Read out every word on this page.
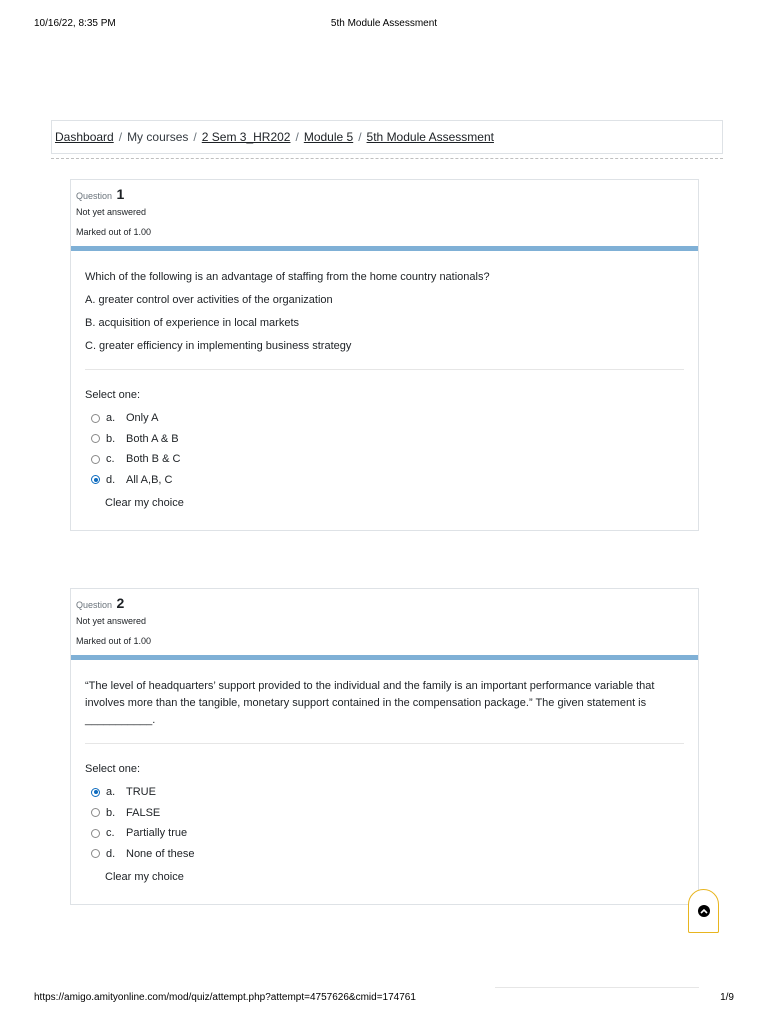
10/16/22, 8:35 PM	5th Module Assessment
Dashboard / My courses / 2 Sem 3_HR202 / Module 5 / 5th Module Assessment
Question 1
Not yet answered
Marked out of 1.00

Which of the following is an advantage of staffing from the home country nationals?

A. greater control over activities of the organization

B. acquisition of experience in local markets

C. greater efficiency in implementing business strategy

Select one:
a. Only A
b. Both A & B
c.	Both B & C
d. All A,B, C
Clear my choice
Question 2
Not yet answered
Marked out of 1.00

“The level of headquarters’ support provided to the individual and the family is an important performance variable that involves more than the tangible, monetary support contained in the compensation package.” The given statement is ___________.

Select one:
a. TRUE
b. FALSE
c.	Partially true
d. None of these
Clear my choice
https://amigo.amityonline.com/mod/quiz/attempt.php?attempt=4757626&cmid=174761	1/9
